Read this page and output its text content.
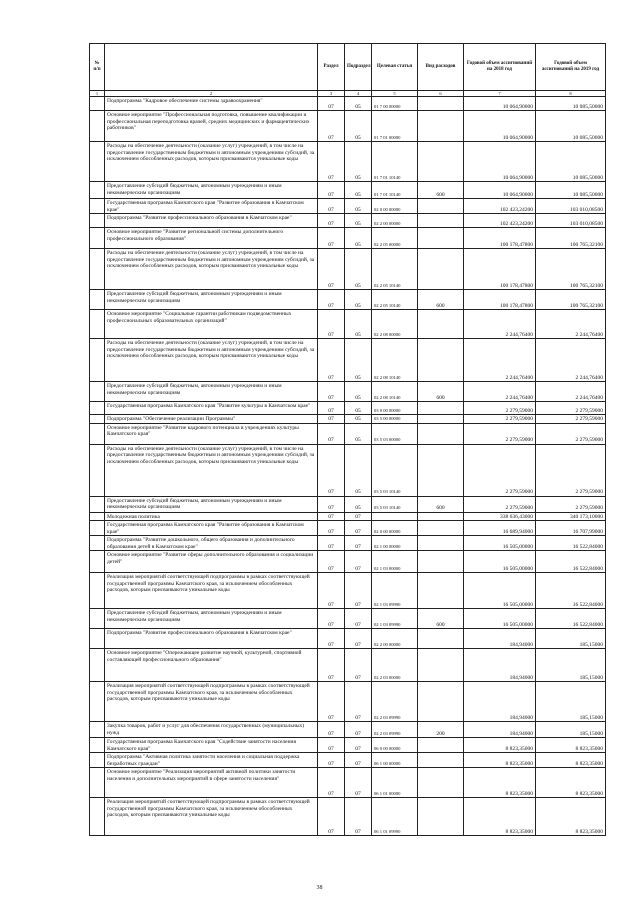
№ п/п		Раздел	Подраздел	Целевая статья	Вид расходов	Годовой объем ассигнований на 2018 год	Годовой объем ассигнований на 2019 год
1	2	3	4	5	6	7	8
	Подпрограмма "Кадровое обеспечение системы здравоохранения"	07	05	01 7 00 00000		10 064,90000	10 085,50000
	Основное мероприятие "Профессиональная подготовка, повышение квалификации и профессиональная переподготовка врачей, средних медицинских и фармацевтических работников"	07	05	01 7 01 00000		10 064,90000	10 085,50000
	Расходы на обеспечение деятельности (оказание услуг) учреждений, в том числе на предоставление государственным бюджетным и автономным учреждениям субсидий, за исключением обособленных расходов, которым присваиваются уникальные коды	07	05	01 7 01 10140		10 064,90000	10 085,50000
	Предоставление субсидий бюджетным, автономным учреждениям и иным некоммерческим организациям	07	05	01 7 01 10140	600	10 064,90000	10 085,50000
	Государственная программа Камчатского края "Развитие образования в Камчатском крае"	07	05	02 0 00 00000		102 423,24200	103 010,08500
	Подпрограмма "Развитие профессионального образования в Камчатском крае"	07	05	02 2 00 00000		102 423,24200	103 010,08500
	Основное мероприятие "Развитие региональной системы дополнительного профессионального образования"	07	05	02 2 05 00000		100 178,47800	100 765,32100
	Расходы на обеспечение деятельности (оказание услуг) учреждений, в том числе на предоставление государственным бюджетным и автономным учреждениям субсидий, за исключением обособленных расходов, которым присваиваются уникальные коды	07	05	02 2 05 10140		100 178,47800	100 765,32100
	Предоставление субсидий бюджетным, автономным учреждениям и иным некоммерческим организациям	07	05	02 2 05 10140	600	100 178,47800	100 765,32100
	Основное мероприятие "Социальные гарантии работникам подведомственных профессиональных образовательных организаций"	07	05	02 2 08 00000		2 244,76400	2 244,76400
	Расходы на обеспечение деятельности (оказание услуг) учреждений, в том числе на предоставление государственным бюджетным и автономным учреждениям субсидий, за исключением обособленных расходов, которым присваиваются уникальные коды	07	05	02 2 08 10140		2 244,76400	2 244,76400
	Предоставление субсидий бюджетным, автономным учреждениям и иным некоммерческим организациям	07	05	02 2 08 10140	600	2 244,76400	2 244,76400
	Государственная программа Камчатского края "Развитие культуры в Камчатском крае"	07	05	03 0 00 00000		2 279,59000	2 279,59000
	Подпрограмма "Обеспечение реализации Программы"	07	05	03 5 00 00000		2 279,59000	2 279,59000
	Основное мероприятие "Развитие кадрового потенциала в учреждениях культуры Камчатского края"	07	05	03 5 03 00000		2 279,59000	2 279,59000
	Расходы на обеспечение деятельности (оказание услуг) учреждений, в том числе на предоставление государственным бюджетным и автономным учреждениям субсидий, за исключением обособленных расходов, которым присваиваются уникальные коды	07	05	03 5 03 10140		2 279,59000	2 279,59000
	Предоставление субсидий бюджетным, автономным учреждениям и иным некоммерческим организациям	07	05	03 5 03 10140	600	2 279,59000	2 279,59000
	Молодежная политика	07	07			338 636,43000	340 173,10000
	Государственная программа Камчатского края "Развитие образования в Камчатском крае"	07	07	02 0 00 00000		16 689,94000	16 707,99000
	Подпрограмма "Развитие дошкольного, общего образования и дополнительного образования детей в Камчатском крае"	07	07	02 1 00 00000		16 505,00000	16 522,84000
	Основное мероприятие "Развитие сферы дополнительного образования и социализации детей"	07	07	02 1 03 00000		16 505,00000	16 522,84000
	Реализация мероприятий соответствующей подпрограммы в рамках соответствующей государственной программы Камчатского края, за исключением обособленных расходов, которым присваиваются уникальные коды	07	07	02 1 03 09990		16 505,00000	16 522,84000
	Предоставление субсидий бюджетным, автономным учреждениям и иным некоммерческим организациям	07	07	02 1 03 09990	600	16 505,00000	16 522,84000
	Подпрограмма "Развитие профессионального образования в Камчатском крае"	07	07	02 2 00 00000		184,94000	185,15000
	Основное мероприятие "Опережающее развитие научной, культурной, спортивной составляющей профессионального образования"	07	07	02 2 03 00000		184,94000	185,15000
	Реализация мероприятий соответствующей подпрограммы в рамках соответствующей государственной программы Камчатского края, за исключением обособленных расходов, которым присваиваются уникальные коды	07	07	02 2 03 09990		184,94000	185,15000
	Закупка товаров, работ и услуг для обеспечения государственных (муниципальных) нужд	07	07	02 2 03 09990	200	184,94000	185,15000
	Государственная программа Камчатского края "Содействие занятости населения Камчатского края"	07	07	06 0 00 00000		8 823,35000	8 823,35000
	Подпрограмма "Активная политика занятости населения и социальная поддержка безработных граждан"	07	07	06 1 00 00000		8 823,35000	8 823,35000
	Основное мероприятие "Реализация мероприятий активной политики занятости населения и дополнительных мероприятий в сфере занятости населения"	07	07	06 1 01 00000		8 823,35000	8 823,35000
	Реализация мероприятий соответствующей подпрограммы в рамках соответствующей государственной программы Камчатского края, за исключением обособленных расходов, которым присваиваются уникальные коды	07	07	06 1 01 09990		8 823,35000	8 823,35000
38
